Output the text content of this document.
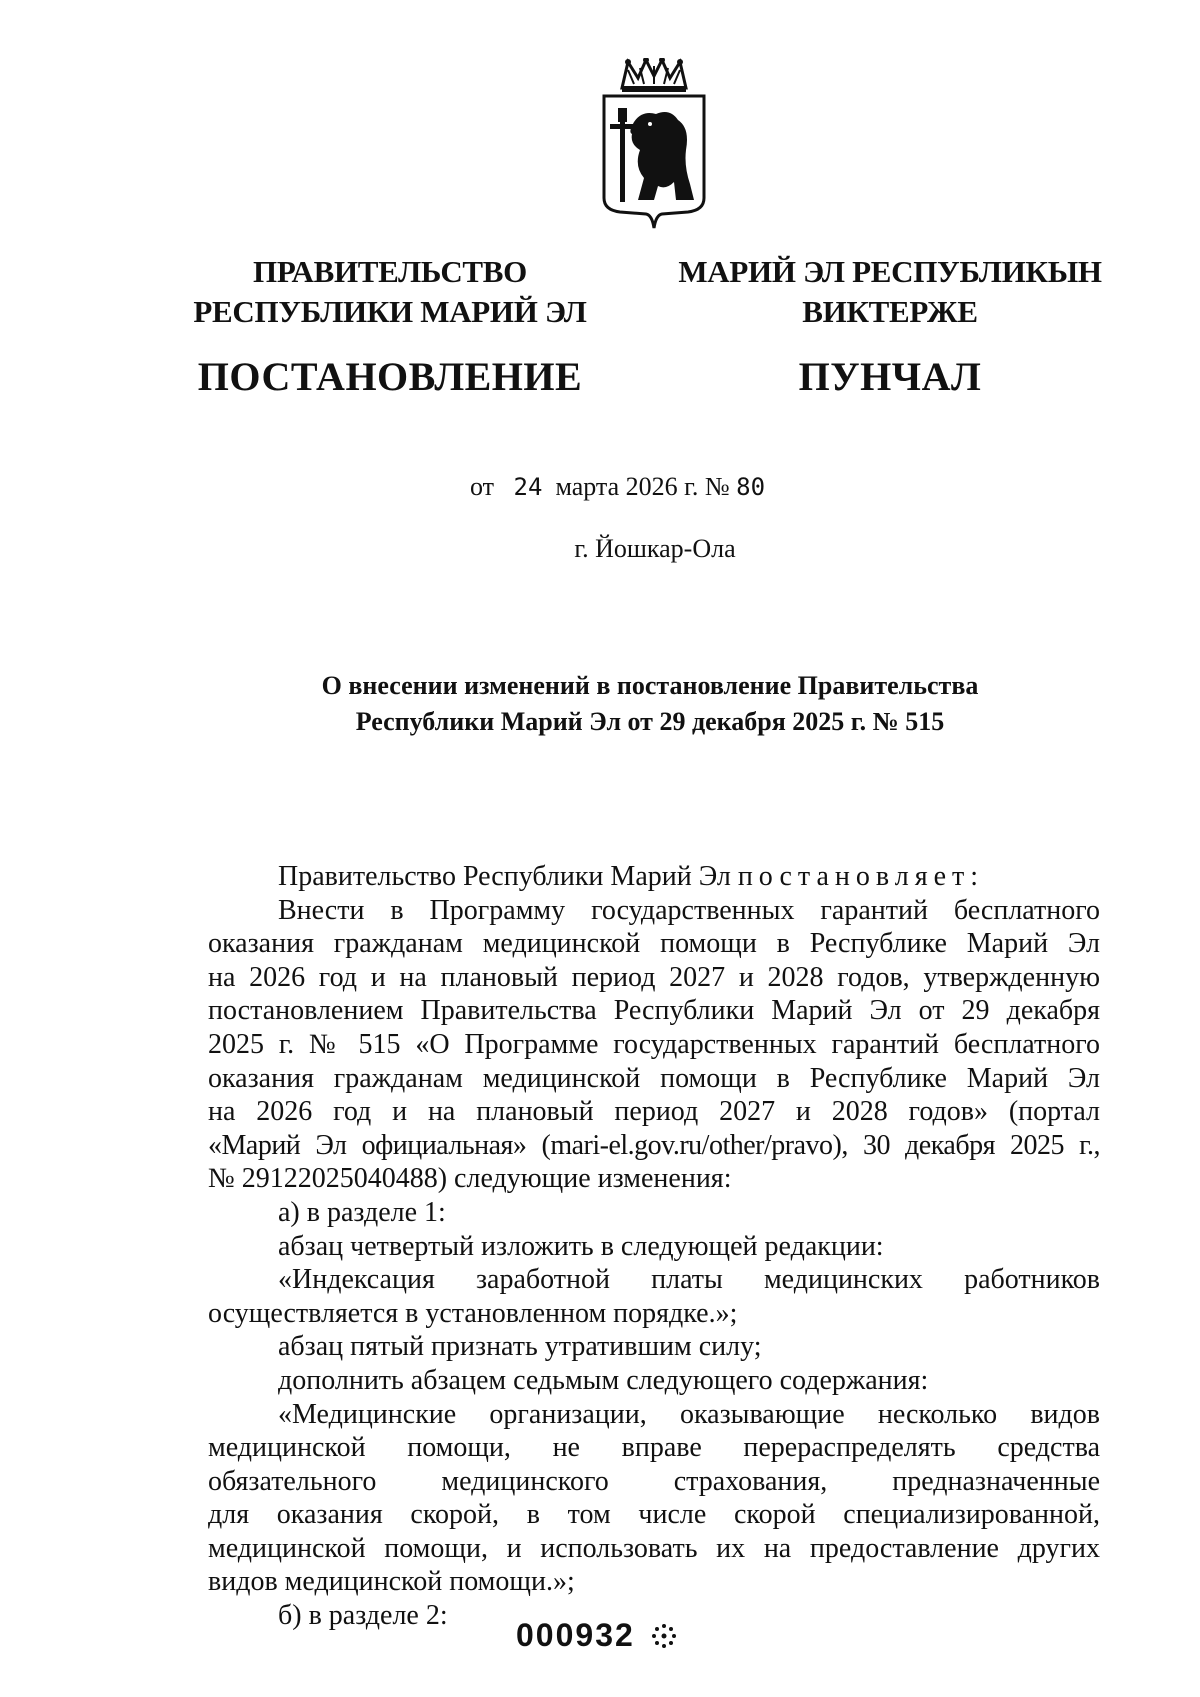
ПРАВИТЕЛЬСТВО
РЕСПУБЛИКИ МАРИЙ ЭЛ
ПОСТАНОВЛЕНИЕ
МАРИЙ ЭЛ РЕСПУБЛИКЫН
ВИКТЕРЖЕ
ПУНЧАЛ
от 24 марта 2026 г. № 80
г. Йошкар-Ола
О внесении изменений в постановление Правительства
Республики Марий Эл от 29 декабря 2025 г. № 515

Правительство Республики Марий Эл постановляет:

Внести в Программу государственных гарантий бесплатного

оказания гражданам медицинской помощи в Республике Марий Эл

на 2026 год и на плановый период 2027 и 2028 годов, утвержденную

постановлением Правительства Республики Марий Эл от 29 декабря

2025 г. № 515 «О Программе государственных гарантий бесплатного

оказания гражданам медицинской помощи в Республике Марий Эл

на 2026 год и на плановый период 2027 и 2028 годов» (портал

«Марий Эл официальная» (mari-el.gov.ru/other/pravo), 30 декабря 2025 г.,

№ 29122025040488) следующие изменения:

а) в разделе 1:

абзац четвертый изложить в следующей редакции:

«Индексация заработной платы медицинских работников

осуществляется в установленном порядке.»;

абзац пятый признать утратившим силу;

дополнить абзацем седьмым следующего содержания:

«Медицинские организации, оказывающие несколько видов

медицинской помощи, не вправе перераспределять средства

обязательного медицинского страхования, предназначенные

для оказания скорой, в том числе скорой специализированной,

медицинской помощи, и использовать их на предоставление других

видов медицинской помощи.»;

б) в разделе 2:

000932
